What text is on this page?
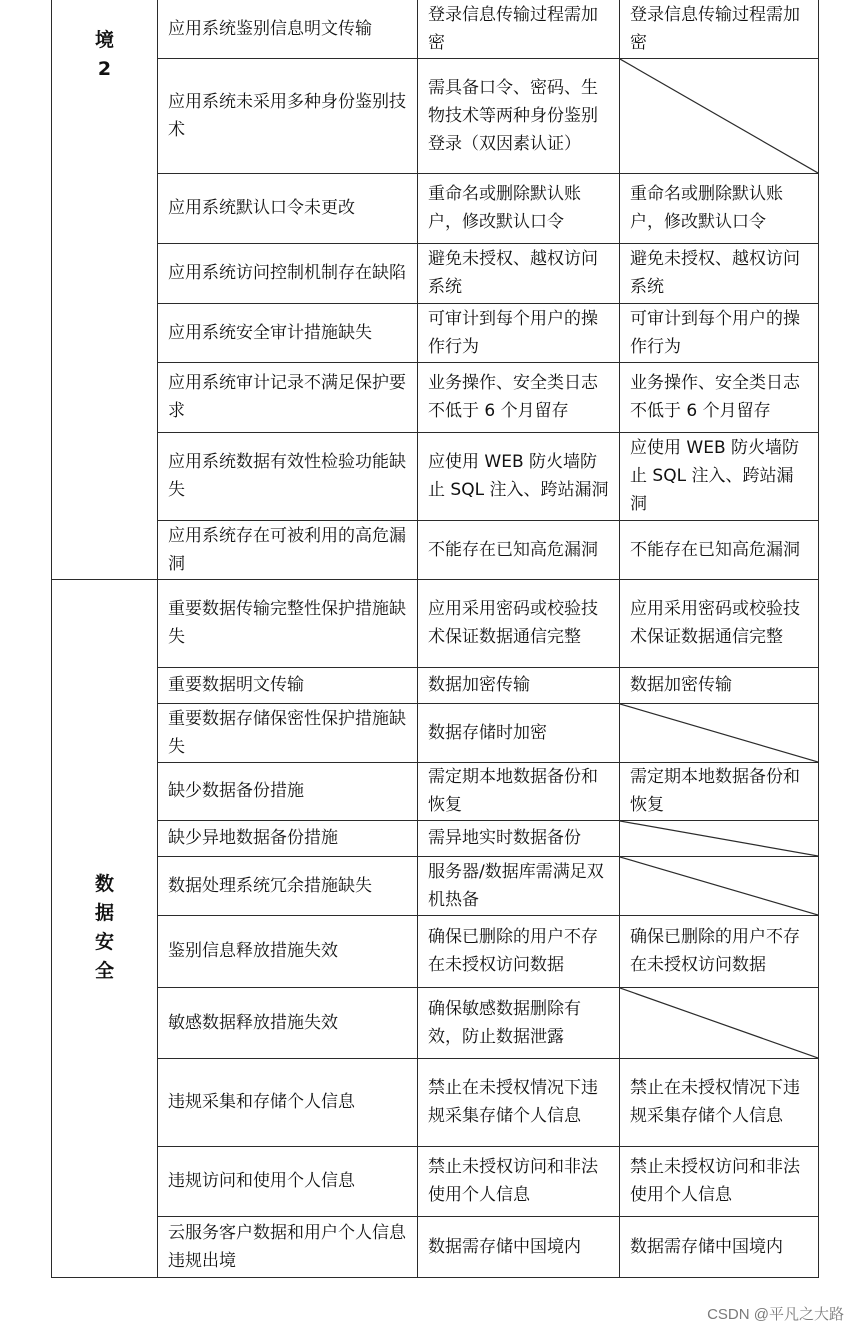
境
2	应用系统鉴别信息明文传输	登录信息传输过程需加密	登录信息传输过程需加密
	应用系统未采用多种身份鉴别技术	需具备口令、密码、生物技术等两种身份鉴别登录（双因素认证）	

	应用系统默认口令未更改	重命名或删除默认账户，修改默认口令	重命名或删除默认账户，修改默认口令
	应用系统访问控制机制存在缺陷	避免未授权、越权访问系统	避免未授权、越权访问系统
	应用系统安全审计措施缺失	可审计到每个用户的操作行为	可审计到每个用户的操作行为
	应用系统审计记录不满足保护要求	业务操作、安全类日志不低于 6 个月留存	业务操作、安全类日志不低于 6 个月留存
	应用系统数据有效性检验功能缺失	应使用 WEB 防火墙防止 SQL 注入、跨站漏洞	应使用 WEB 防火墙防止 SQL 注入、跨站漏洞
	应用系统存在可被利用的高危漏洞	不能存在已知高危漏洞	不能存在已知高危漏洞

数
据
安
全	重要数据传输完整性保护措施缺失	应用采用密码或校验技术保证数据通信完整	应用采用密码或校验技术保证数据通信完整
	重要数据明文传输	数据加密传输	数据加密传输
	重要数据存储保密性保护措施缺失	数据存储时加密	

	缺少数据备份措施	需定期本地数据备份和恢复	需定期本地数据备份和恢复
	缺少异地数据备份措施	需异地实时数据备份	

	数据处理系统冗余措施缺失	服务器/数据库需满足双机热备	

	鉴别信息释放措施失效	确保已删除的用户不存在未授权访问数据	确保已删除的用户不存在未授权访问数据
	敏感数据释放措施失效	确保敏感数据删除有效，防止数据泄露	

	违规采集和存储个人信息	禁止在未授权情况下违规采集存储个人信息	禁止在未授权情况下违规采集存储个人信息
	违规访问和使用个人信息	禁止未授权访问和非法使用个人信息	禁止未授权访问和非法使用个人信息
	云服务客户数据和用户个人信息违规出境	数据需存储中国境内	数据需存储中国境内
CSDN @平凡之大路
